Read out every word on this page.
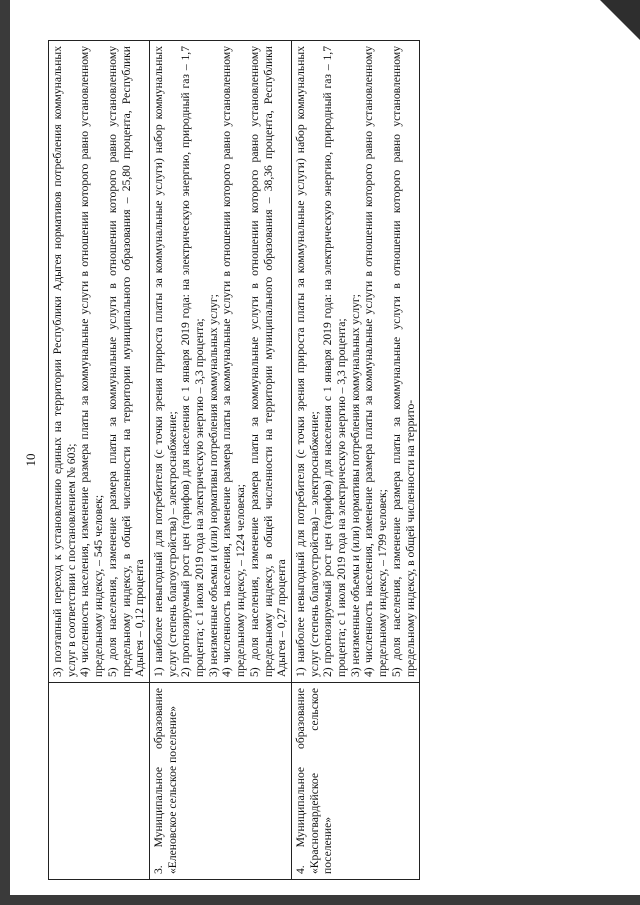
10

	3) поэтапный переход к установлению единых на территории Республики Адыгея нормативов потребления коммунальных услуг в соответствии с постановлением № 603; 4) численность населения, изменение размера платы за коммунальные услуги в отношении которого равно установленному предельному индексу, – 545 человек; 5) доля населения, изменение размера платы за коммунальные услуги в отношении которого равно установленному предельному индексу, в общей численности на территории муниципального образования – 25,80 процента, Республики Адыгея – 0,12 процента

3. Муниципальное образование «Еленовское сельское поселение»	1) наиболее невыгодный для потребителя (с точки зрения прироста платы за коммунальные услуги) набор коммунальных услуг (степень благоустройства) – электроснабжение; 2) прогнозируемый рост цен (тарифов) для населения с 1 января 2019 года: на электрическую энергию, природный газ – 1,7 процента; с 1 июля 2019 года на электрическую энергию – 3,3 процента; 3) неизменные объемы и (или) нормативы потребления коммунальных услуг; 4) численность населения, изменение размера платы за коммунальные услуги в отношении которого равно установленному предельному индексу, – 1224 человека; 5) доля населения, изменение размера платы за коммунальные услуги в отношении которого равно установленному предельному индексу, в общей численности на территории муниципального образования – 38,36 процента, Республики Адыгея – 0,27 процента

4. Муниципальное образование «Красногвардейское сельское поселение»	1) наиболее невыгодный для потребителя (с точки зрения прироста платы за коммунальные услуги) набор коммунальных услуг (степень благоустройства) – электроснабжение; 2) прогнозируемый рост цен (тарифов) для населения с 1 января 2019 года: на электрическую энергию, природный газ – 1,7 процента; с 1 июля 2019 года на электрическую энергию – 3,3 процента; 3) неизменные объемы и (или) нормативы потребления коммунальных услуг; 4) численность населения, изменение размера платы за коммунальные услуги в отношении которого равно установленному предельному индексу, – 1799 человек; 5) доля населения, изменение размера платы за коммунальные услуги в отношении которого равно установленному предельному индексу, в общей численности на террито-
